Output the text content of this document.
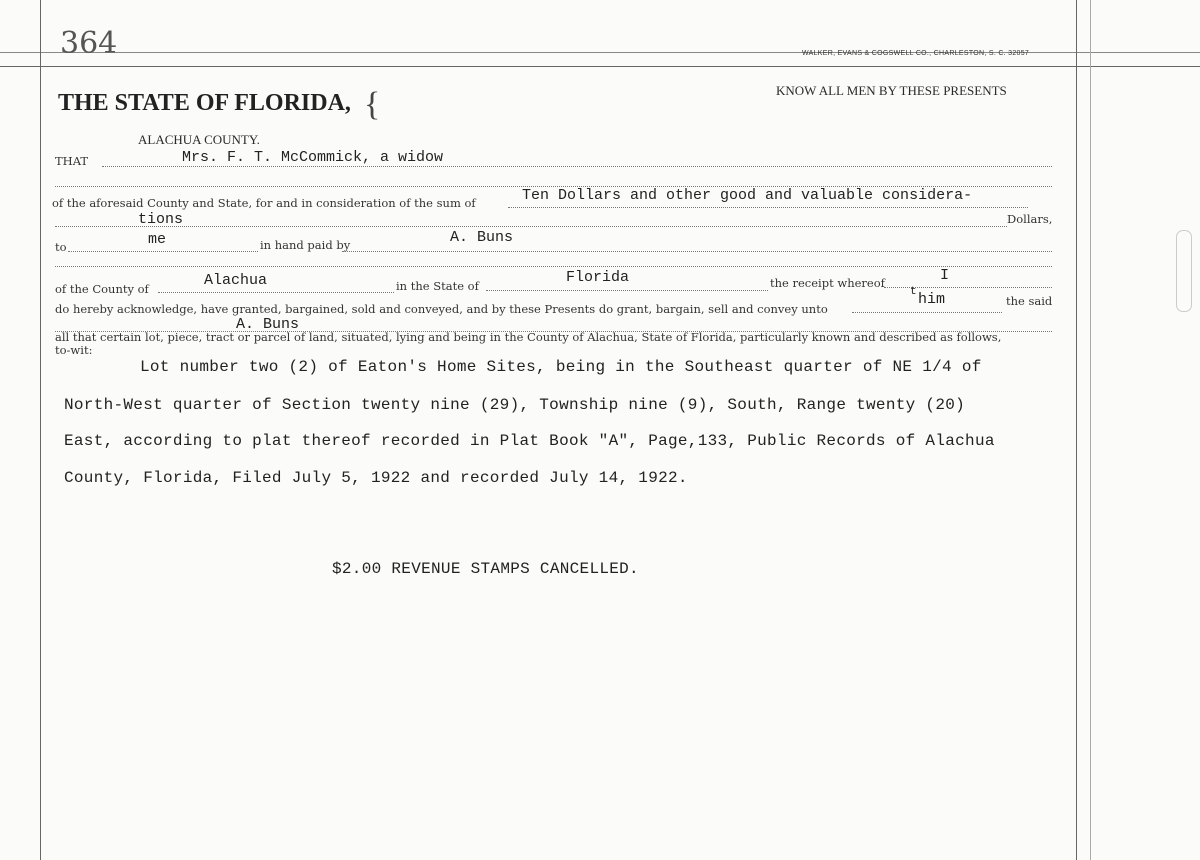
364	WALKER, EVANS & COGSWELL CO., CHARLESTON, S. C. 32057
THE STATE OF FLORIDA, {
ALACHUA COUNTY.
KNOW ALL MEN BY THESE PRESENTS
THAT	Mrs. F. T. McCommick, a widow
of the aforesaid County and State, for and in consideration of the sum of	Ten Dollars and other good and valuable considera-
tions	Dollars,
to	me	in hand paid by	A. Buns
of the County of	Alachua	in the State of	Florida	the receipt whereof	I
do hereby acknowledge, have granted, bargained, sold and conveyed, and by these Presents do grant, bargain, sell and convey unto
t him	the said
A. Buns
all that certain lot, piece, tract or parcel of land, situated, lying and being in the County of Alachua, State of Florida, particularly known and described as follows,
to-wit:
Lot number two (2) of Eaton's Home Sites, being in the Southeast quarter of NE 1/4 of
North-West quarter of Section twenty nine (29), Township nine (9), South, Range twenty (20)
East, according to plat thereof recorded in Plat Book "A", Page,133, Public Records of Alachua
County, Florida, Filed July 5, 1922 and recorded July 14, 1922.
$2.00 REVENUE STAMPS CANCELLED.
